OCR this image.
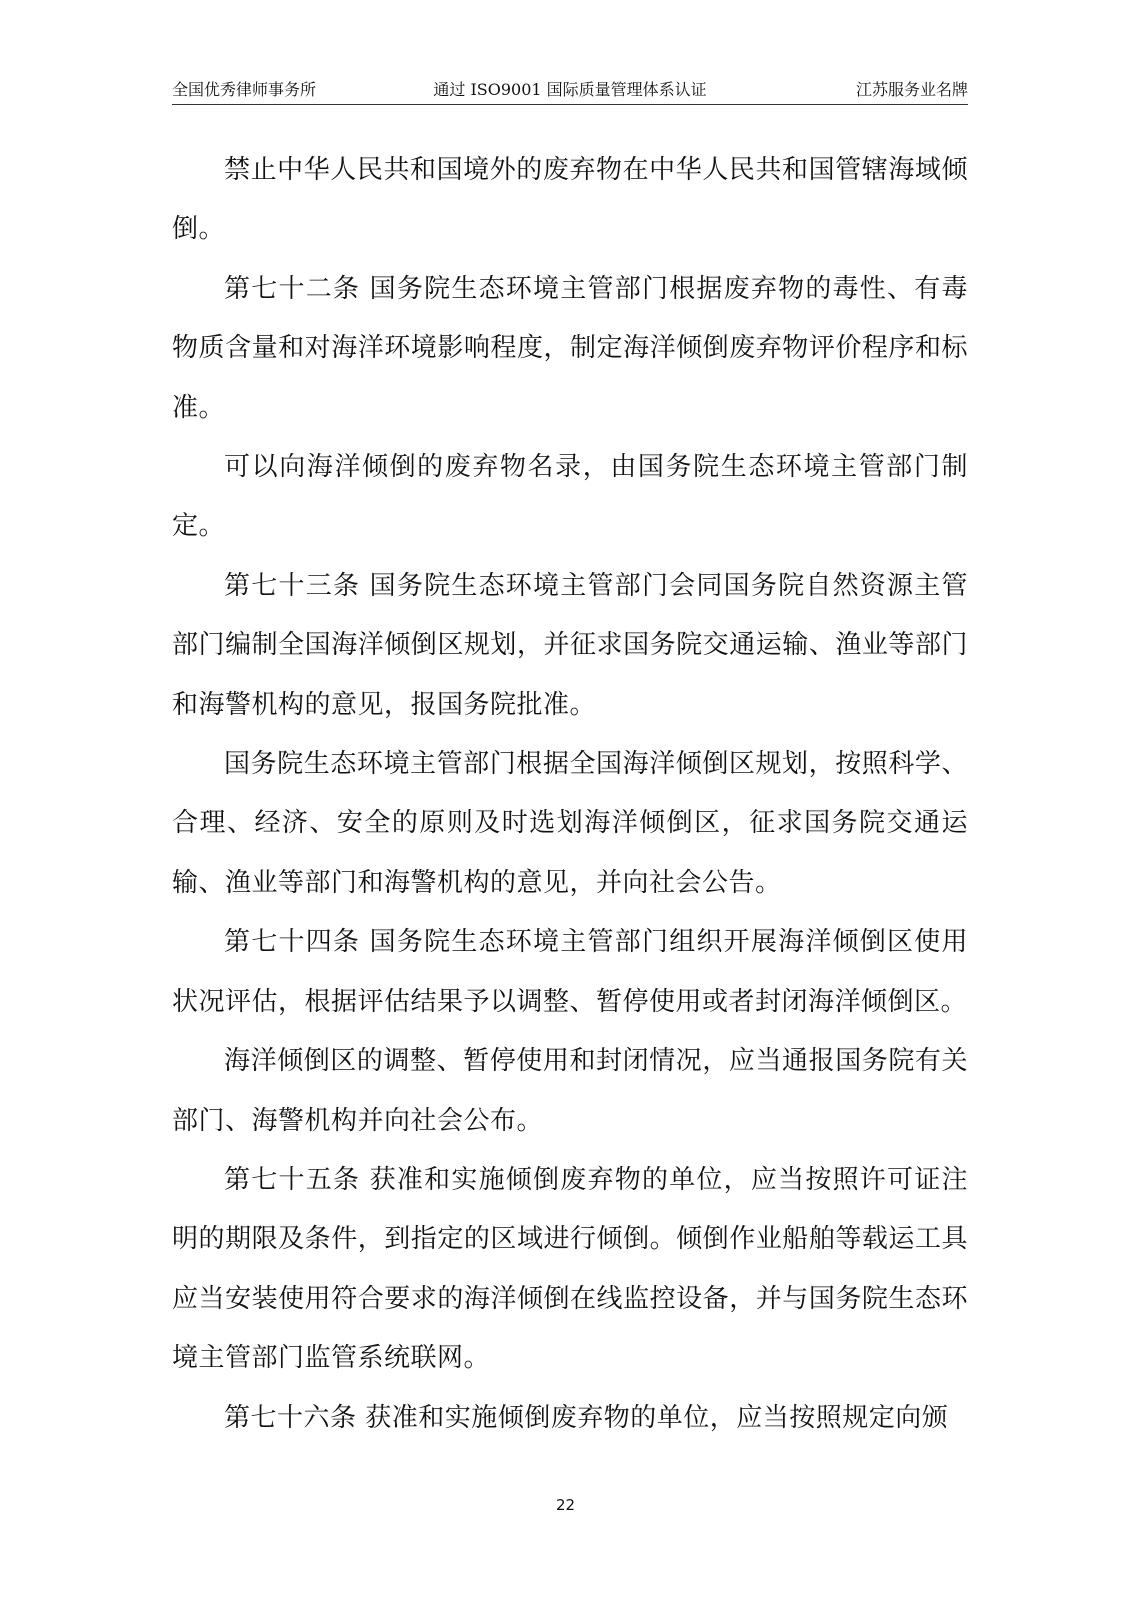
全国优秀律师事务所	通过 ISO9001 国际质量管理体系认证	江苏服务业名牌

禁止中华人民共和国境外的废弃物在中华人民共和国管辖海域倾倒。

第七十二条 国务院生态环境主管部门根据废弃物的毒性、有毒物质含量和对海洋环境影响程度，制定海洋倾倒废弃物评价程序和标准。

可以向海洋倾倒的废弃物名录，由国务院生态环境主管部门制定。

第七十三条 国务院生态环境主管部门会同国务院自然资源主管部门编制全国海洋倾倒区规划，并征求国务院交通运输、渔业等部门和海警机构的意见，报国务院批准。

国务院生态环境主管部门根据全国海洋倾倒区规划，按照科学、合理、经济、安全的原则及时选划海洋倾倒区，征求国务院交通运输、渔业等部门和海警机构的意见，并向社会公告。

第七十四条 国务院生态环境主管部门组织开展海洋倾倒区使用状况评估，根据评估结果予以调整、暂停使用或者封闭海洋倾倒区。

海洋倾倒区的调整、暂停使用和封闭情况，应当通报国务院有关部门、海警机构并向社会公布。

第七十五条 获准和实施倾倒废弃物的单位，应当按照许可证注明的期限及条件，到指定的区域进行倾倒。倾倒作业船舶等载运工具应当安装使用符合要求的海洋倾倒在线监控设备，并与国务院生态环境主管部门监管系统联网。

第七十六条 获准和实施倾倒废弃物的单位，应当按照规定向颁

22
